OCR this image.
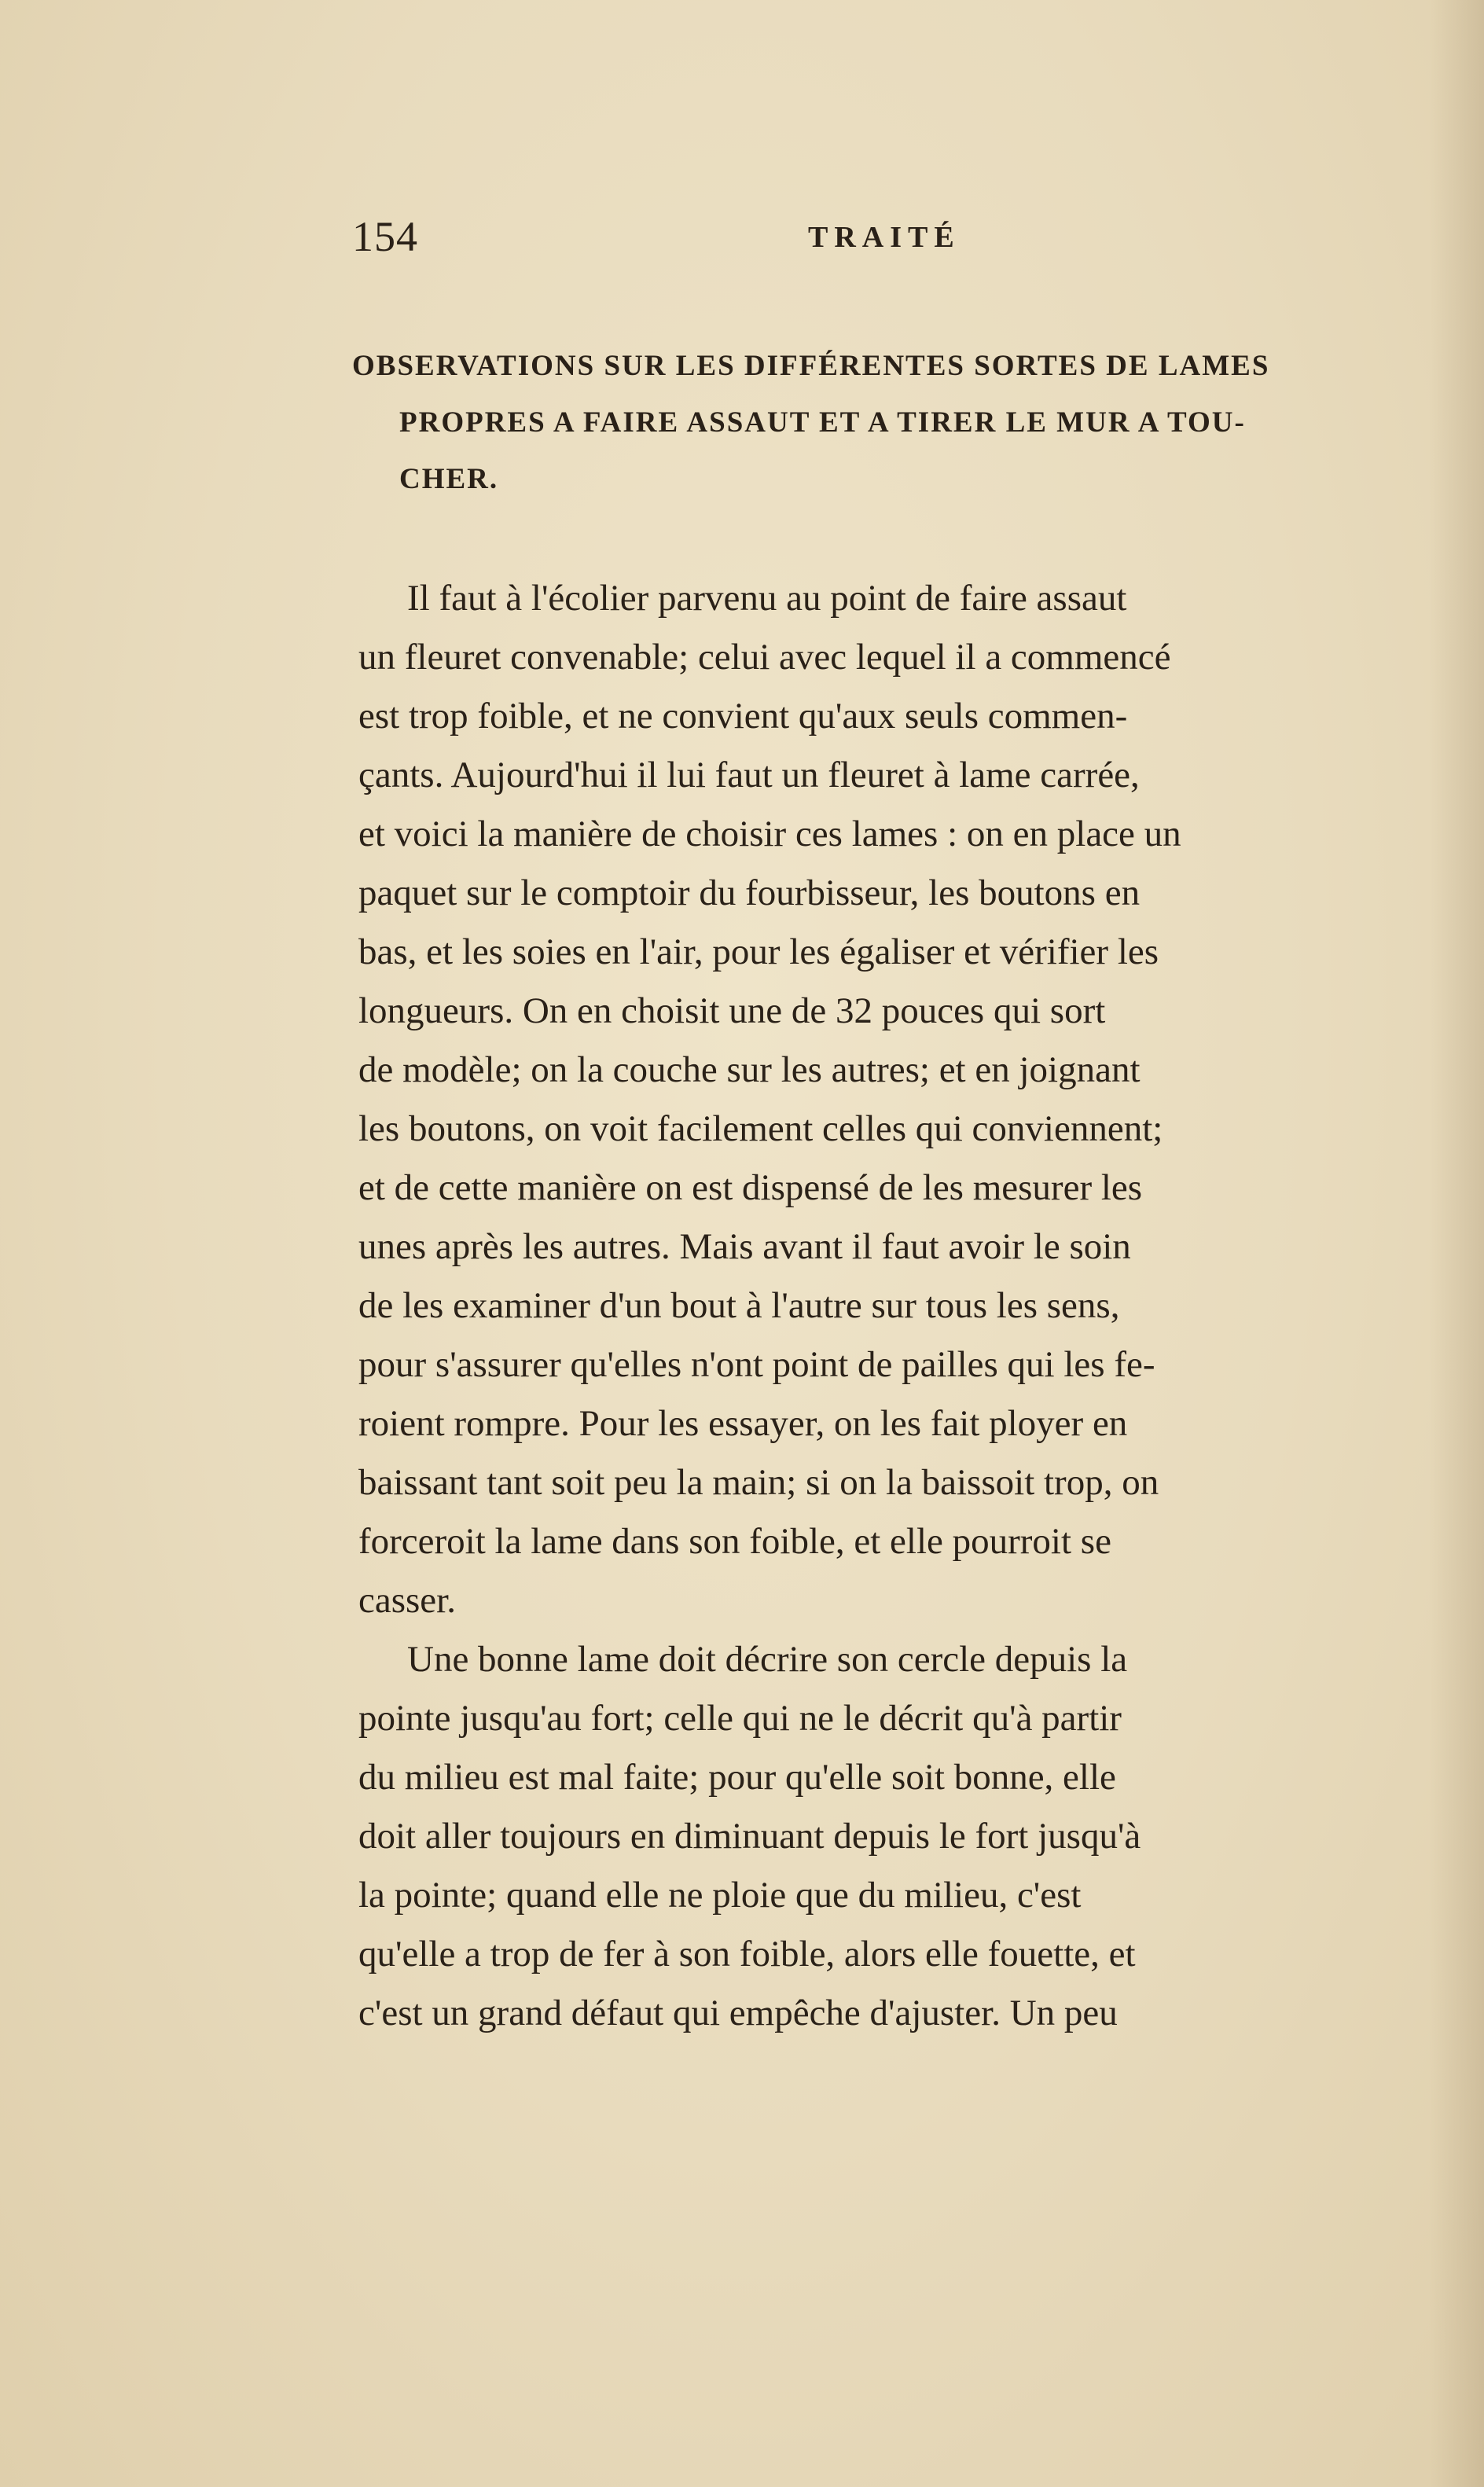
154	TRAITÉ
OBSERVATIONS SUR LES DIFFÉRENTES SORTES DE LAMES
PROPRES A FAIRE ASSAUT ET A TIRER LE MUR A TOU-
CHER.
Il faut à l'écolier parvenu au point de faire assaut
un fleuret convenable; celui avec lequel il a commencé
est trop foible, et ne convient qu'aux seuls commen-
çants. Aujourd'hui il lui faut un fleuret à lame carrée,
et voici la manière de choisir ces lames : on en place un
paquet sur le comptoir du fourbisseur, les boutons en
bas, et les soies en l'air, pour les égaliser et vérifier les
longueurs. On en choisit une de 32 pouces qui sort
de modèle; on la couche sur les autres; et en joignant
les boutons, on voit facilement celles qui conviennent;
et de cette manière on est dispensé de les mesurer les
unes après les autres. Mais avant il faut avoir le soin
de les examiner d'un bout à l'autre sur tous les sens,
pour s'assurer qu'elles n'ont point de pailles qui les fe-
roient rompre. Pour les essayer, on les fait ployer en
baissant tant soit peu la main; si on la baissoit trop, on
forceroit la lame dans son foible, et elle pourroit se
casser.
Une bonne lame doit décrire son cercle depuis la
pointe jusqu'au fort; celle qui ne le décrit qu'à partir
du milieu est mal faite; pour qu'elle soit bonne, elle
doit aller toujours en diminuant depuis le fort jusqu'à
la pointe; quand elle ne ploie que du milieu, c'est
qu'elle a trop de fer à son foible, alors elle fouette, et
c'est un grand défaut qui empêche d'ajuster. Un peu
